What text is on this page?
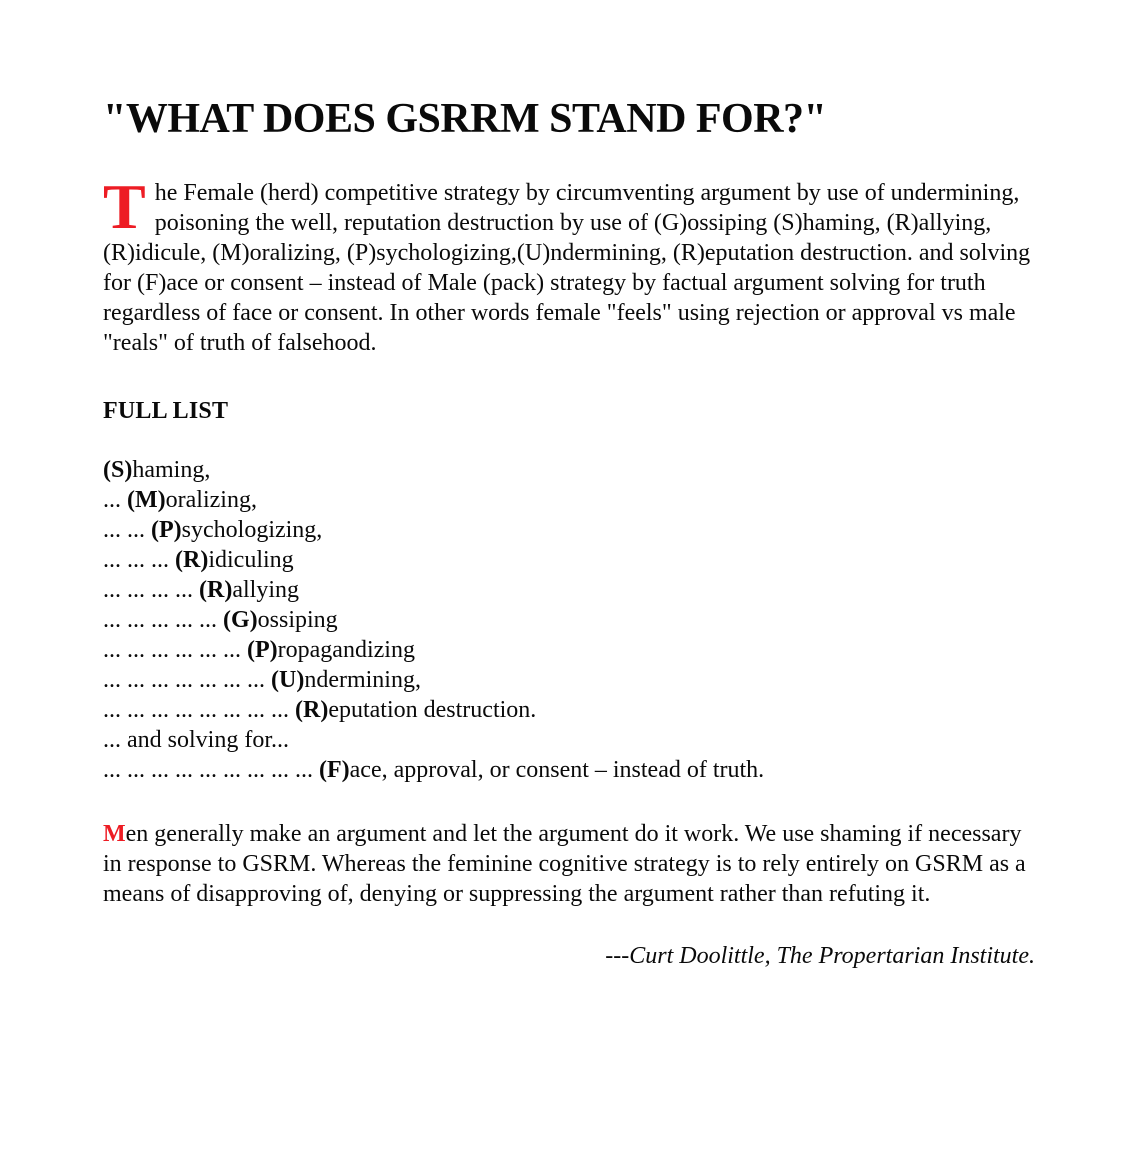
"WHAT DOES GSRRM STAND FOR?"

The Female (herd) competitive strategy by circumventing argument by use of undermining, poisoning the well, reputation destruction by use of (G)ossiping (S)haming, (R)allying, (R)idicule, (M)oralizing, (P)sychologizing,(U)ndermining, (R)eputation destruction. and solving for (F)ace or consent – instead of Male (pack) strategy by factual argument solving for truth regardless of face or consent. In other words female "feels" using rejection or approval vs male "reals" of truth of falsehood.

FULL LIST
(S)haming,
... (M)oralizing,
... ... (P)sychologizing,
... ... ... (R)idiculing
... ... ... ... (R)allying
... ... ... ... ... (G)ossiping
... ... ... ... ... ... (P)ropagandizing
... ... ... ... ... ... ... (U)ndermining,
... ... ... ... ... ... ... ... (R)eputation destruction.
... and solving for...
... ... ... ... ... ... ... ... ... (F)ace, approval, or consent – instead of truth.

Men generally make an argument and let the argument do it work. We use shaming if necessary in response to GSRM. Whereas the feminine cognitive strategy is to rely entirely on GSRM as a means of disapproving of, denying or suppressing the argument rather than refuting it.

---Curt Doolittle, The Propertarian Institute.
